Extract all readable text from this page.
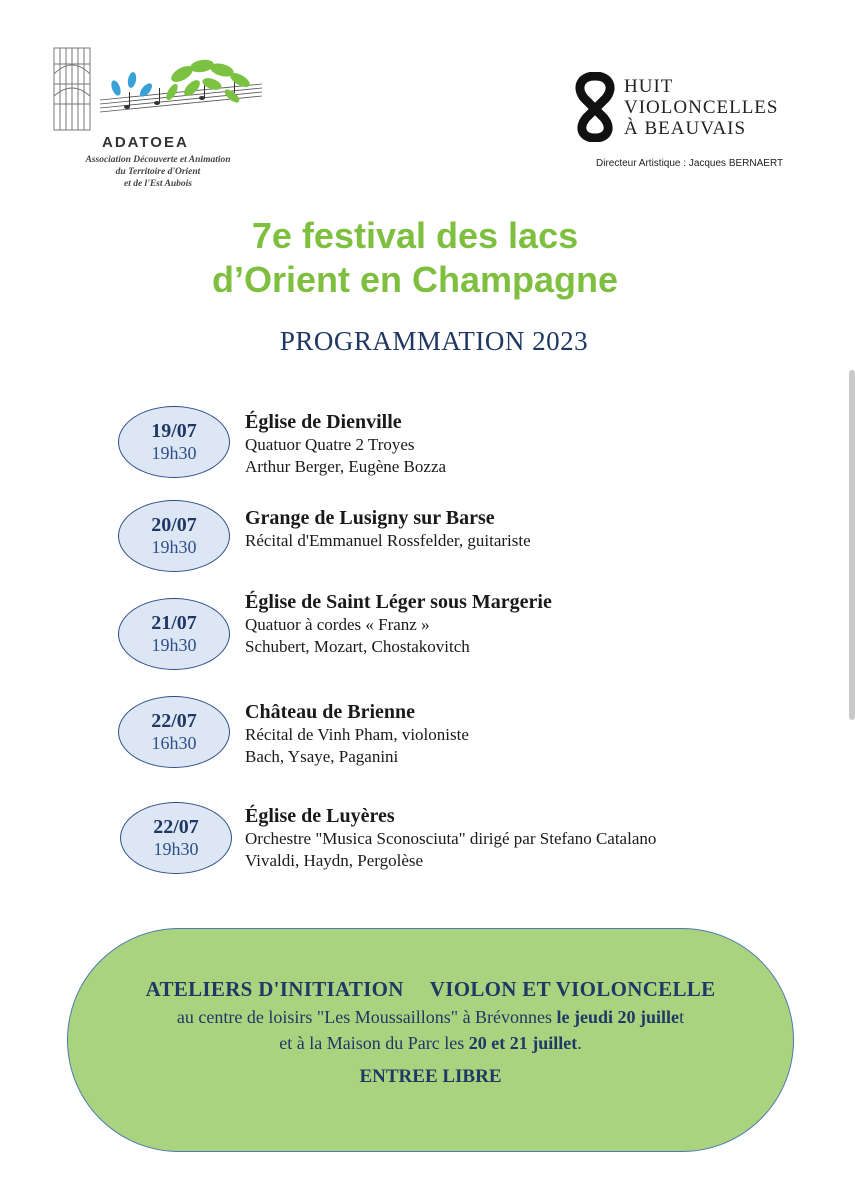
ADATOEA
Association Découverte et Animation
du Territoire d'Orient
et de l'Est Aubois
HUIT
VIOLONCELLES
À BEAUVAIS
Directeur Artistique : Jacques BERNAERT
7e festival des lacs
d’Orient en Champagne
PROGRAMMATION 2023
19/07
19h30
Église de Dienville
Quatuor Quatre 2 Troyes
Arthur Berger, Eugène Bozza
20/07
19h30
Grange de Lusigny sur Barse
Récital d'Emmanuel Rossfelder, guitariste
21/07
19h30
Église de Saint Léger sous Margerie
Quatuor à cordes « Franz »
Schubert, Mozart, Chostakovitch
22/07
16h30
Château de Brienne
Récital de Vinh Pham, violoniste
Bach, Ysaye, Paganini
22/07
19h30
Église de Luyères
Orchestre "Musica Sconosciuta" dirigé par Stefano Catalano
Vivaldi, Haydn, Pergolèse
ATELIERS D'INITIATION VIOLON ET VIOLONCELLE
au centre de loisirs "Les Moussaillons" à Brévonnes le jeudi 20 juillet
et à la Maison du Parc les 20 et 21 juillet.
ENTREE LIBRE
